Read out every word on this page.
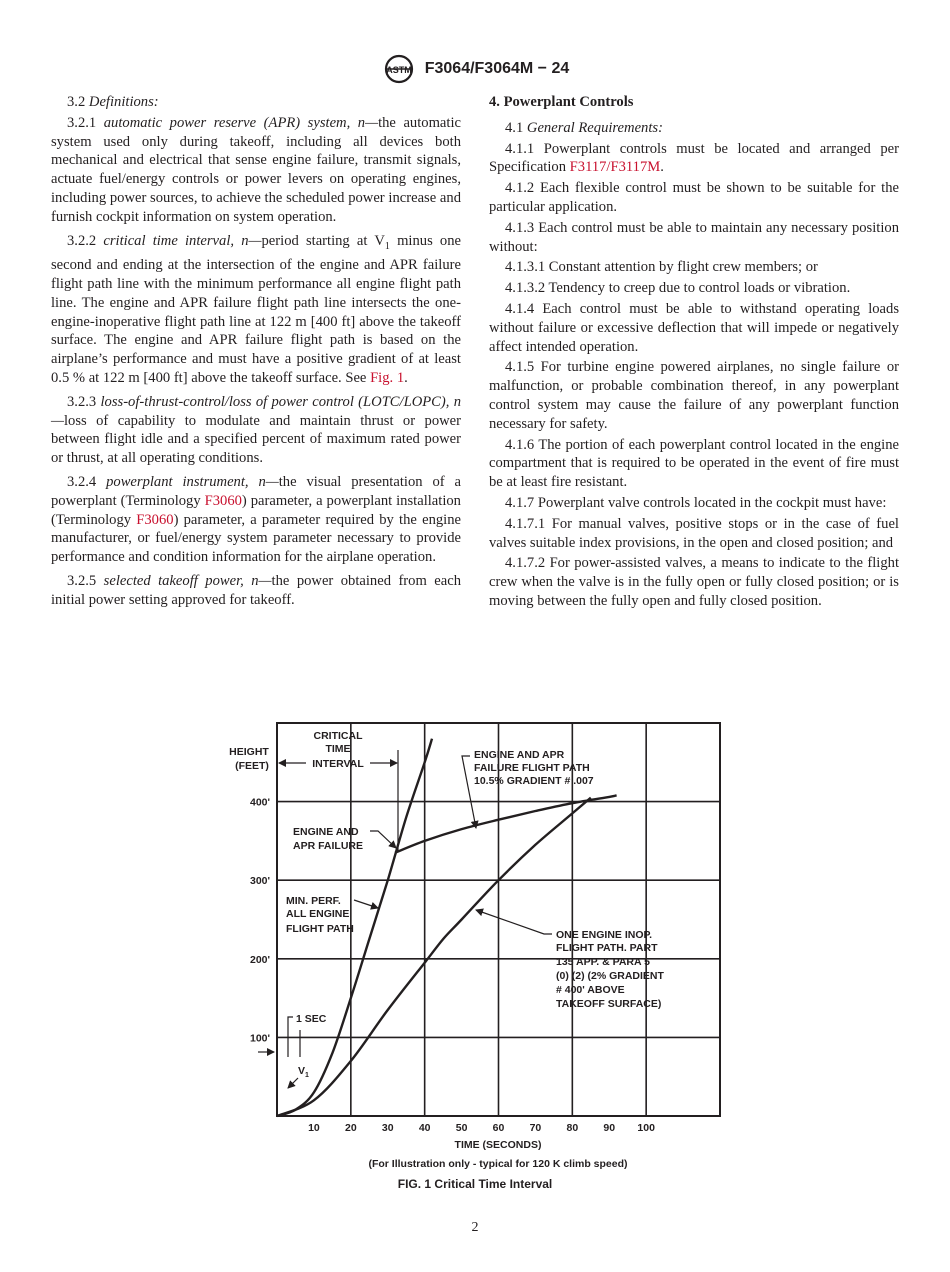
ASTM F3064/F3064M − 24

3.2 Definitions:

3.2.1 automatic power reserve (APR) system, n—the automatic system used only during takeoff, including all devices both mechanical and electrical that sense engine failure, transmit signals, actuate fuel/energy controls or power levers on operating engines, including power sources, to achieve the scheduled power increase and furnish cockpit information on system operation.

3.2.2 critical time interval, n—period starting at $V_1$ minus one second and ending at the intersection of the engine and APR failure flight path line with the minimum performance all engine flight path line. The engine and APR failure flight path line intersects the one-engine-inoperative flight path line at 122 m [400 ft] above the takeoff surface. The engine and APR failure flight path is based on the airplane’s performance and must have a positive gradient of at least 0.5 % at 122 m [400 ft] above the takeoff surface. See Fig. 1.

3.2.3 loss-of-thrust-control/loss of power control (LOTC/LOPC), n—loss of capability to modulate and maintain thrust or power between flight idle and a specified percent of maximum rated power or thrust, at all operating conditions.

3.2.4 powerplant instrument, n—the visual presentation of a powerplant (Terminology F3060) parameter, a powerplant installation (Terminology F3060) parameter, a parameter required by the engine manufacturer, or fuel/energy system parameter necessary to provide performance and condition information for the airplane operation.

3.2.5 selected takeoff power, n—the power obtained from each initial power setting approved for takeoff.

4. Powerplant Controls

4.1 General Requirements:

4.1.1 Powerplant controls must be located and arranged per Specification F3117/F3117M.

4.1.2 Each flexible control must be shown to be suitable for the particular application.

4.1.3 Each control must be able to maintain any necessary position without:

4.1.3.1 Constant attention by flight crew members; or

4.1.3.2 Tendency to creep due to control loads or vibration.

4.1.4 Each control must be able to withstand operating loads without failure or excessive deflection that will impede or negatively affect intended operation.

4.1.5 For turbine engine powered airplanes, no single failure or malfunction, or probable combination thereof, in any powerplant control system may cause the failure of any powerplant function necessary for safety.

4.1.6 The portion of each powerplant control located in the engine compartment that is required to be operated in the event of fire must be at least fire resistant.

4.1.7 Powerplant valve controls located in the cockpit must have:

4.1.7.1 For manual valves, positive stops or in the case of fuel valves suitable index provisions, in the open and closed position; and

4.1.7.2 For power-assisted valves, a means to indicate to the flight crew when the valve is in the fully open or fully closed position; or is moving between the fully open and fully closed position.

10 20 30 40 50 60 70 80 90 100
100'
200'
300'
400'
HEIGHT
(FEET)
TIME (SECONDS)
(For Illustration only - typical for 120 K climb speed)
CRITICAL
TIME
INTERVAL
ENGINE AND APR
FAILURE FLIGHT PATH
10.5% GRADIENT # .007
ENGINE AND
APR FAILURE
MIN. PERF.
ALL ENGINE
FLIGHT PATH	ONE ENGINE INOP.
FLIGHT PATH. PART
135 APP. & PARA 5
(0) (2) (2% GRADIENT
# 400' ABOVE
TAKEOFF SURFACE)
1 SEC
$V_1$
FIG. 1 Critical Time Interval
2
